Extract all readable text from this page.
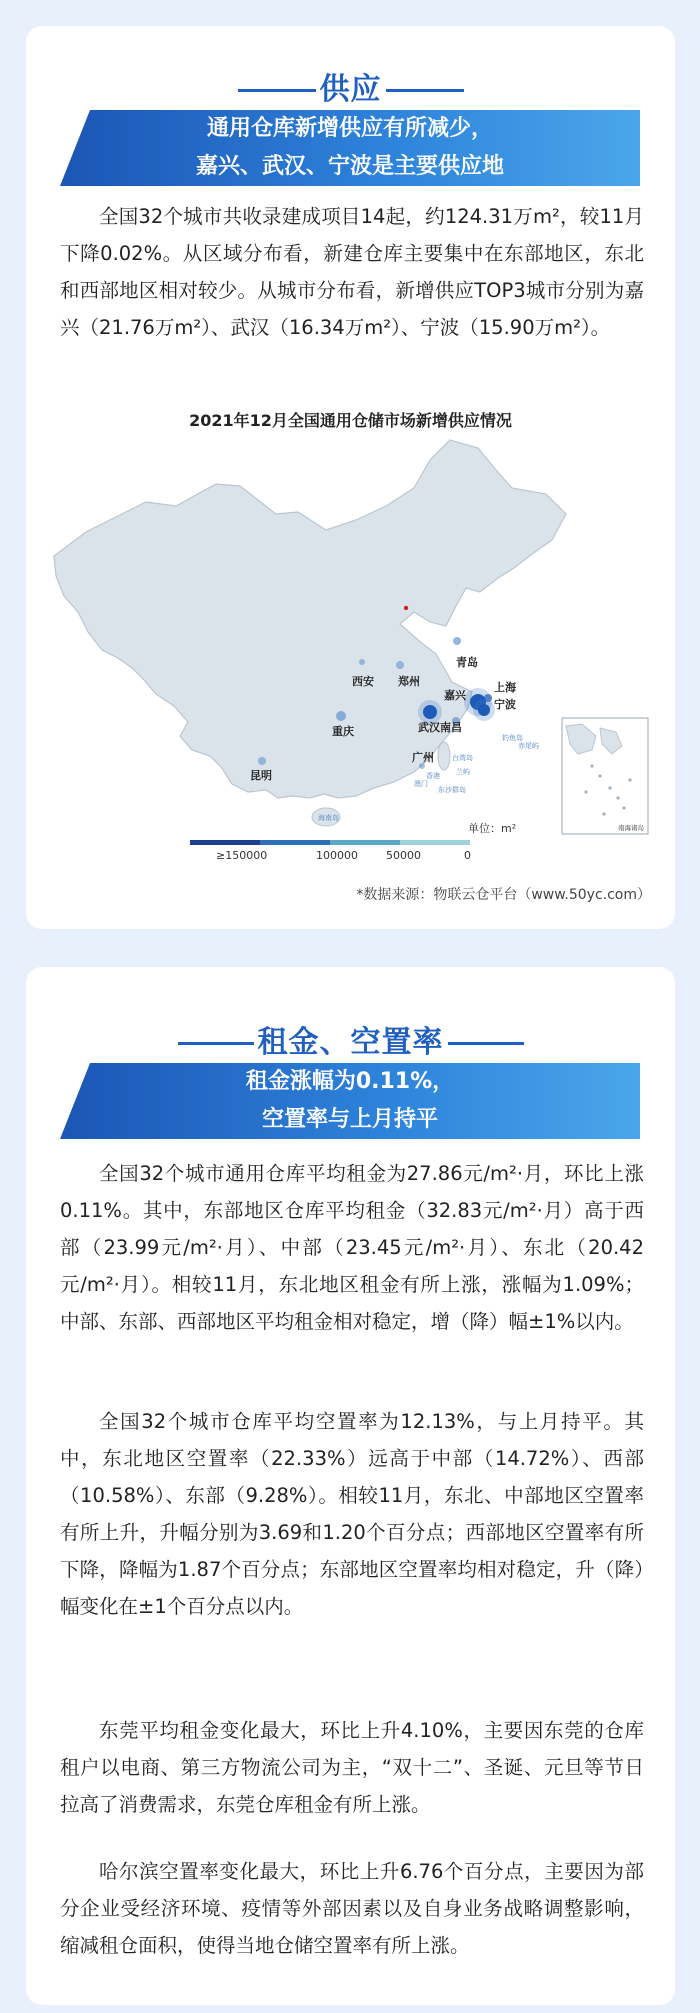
供应
通用仓库新增供应有所减少，
嘉兴、武汉、宁波是主要供应地

全国32个城市共收录建成项目14起，约124.31万m²，较11月下降0.02%。从区域分布看，新建仓库主要集中在东部地区，东北和西部地区相对较少。从城市分布看，新增供应TOP3城市分别为嘉兴（21.76万m²）、武汉（16.34万m²）、宁波（15.90万m²）。

2021年12月全国通用仓储市场新增供应情况
青岛
西安 郑州
嘉兴
上海
宁波
重庆	武汉 南昌
广州
昆明
钓鱼岛
赤尾屿
台湾岛
兰屿
东沙群岛
海南岛
香港
澳门
南海诸岛
单位：m²
≥150000	100000	50000	0
*数据来源：物联云仓平台（www.50yc.com）
租金、空置率
租金涨幅为0.11%，
空置率与上月持平

全国32个城市通用仓库平均租金为27.86元/m²·月，环比上涨0.11%。其中，东部地区仓库平均租金（32.83元/m²·月）高于西部（23.99元/m²·月）、中部（23.45元/m²·月）、东北（20.42元/m²·月）。相较11月，东北地区租金有所上涨，涨幅为1.09%；中部、东部、西部地区平均租金相对稳定，增（降）幅±1%以内。

全国32个城市仓库平均空置率为12.13%，与上月持平。其中，东北地区空置率（22.33%）远高于中部（14.72%）、西部（10.58%）、东部（9.28%）。相较11月，东北、中部地区空置率有所上升，升幅分别为3.69和1.20个百分点；西部地区空置率有所下降，降幅为1.87个百分点；东部地区空置率均相对稳定，升（降）幅变化在±1个百分点以内。

东莞平均租金变化最大，环比上升4.10%，主要因东莞的仓库租户以电商、第三方物流公司为主，“双十二”、圣诞、元旦等节日拉高了消费需求，东莞仓库租金有所上涨。

哈尔滨空置率变化最大，环比上升6.76个百分点，主要因为部分企业受经济环境、疫情等外部因素以及自身业务战略调整影响，缩减租仓面积，使得当地仓储空置率有所上涨。
